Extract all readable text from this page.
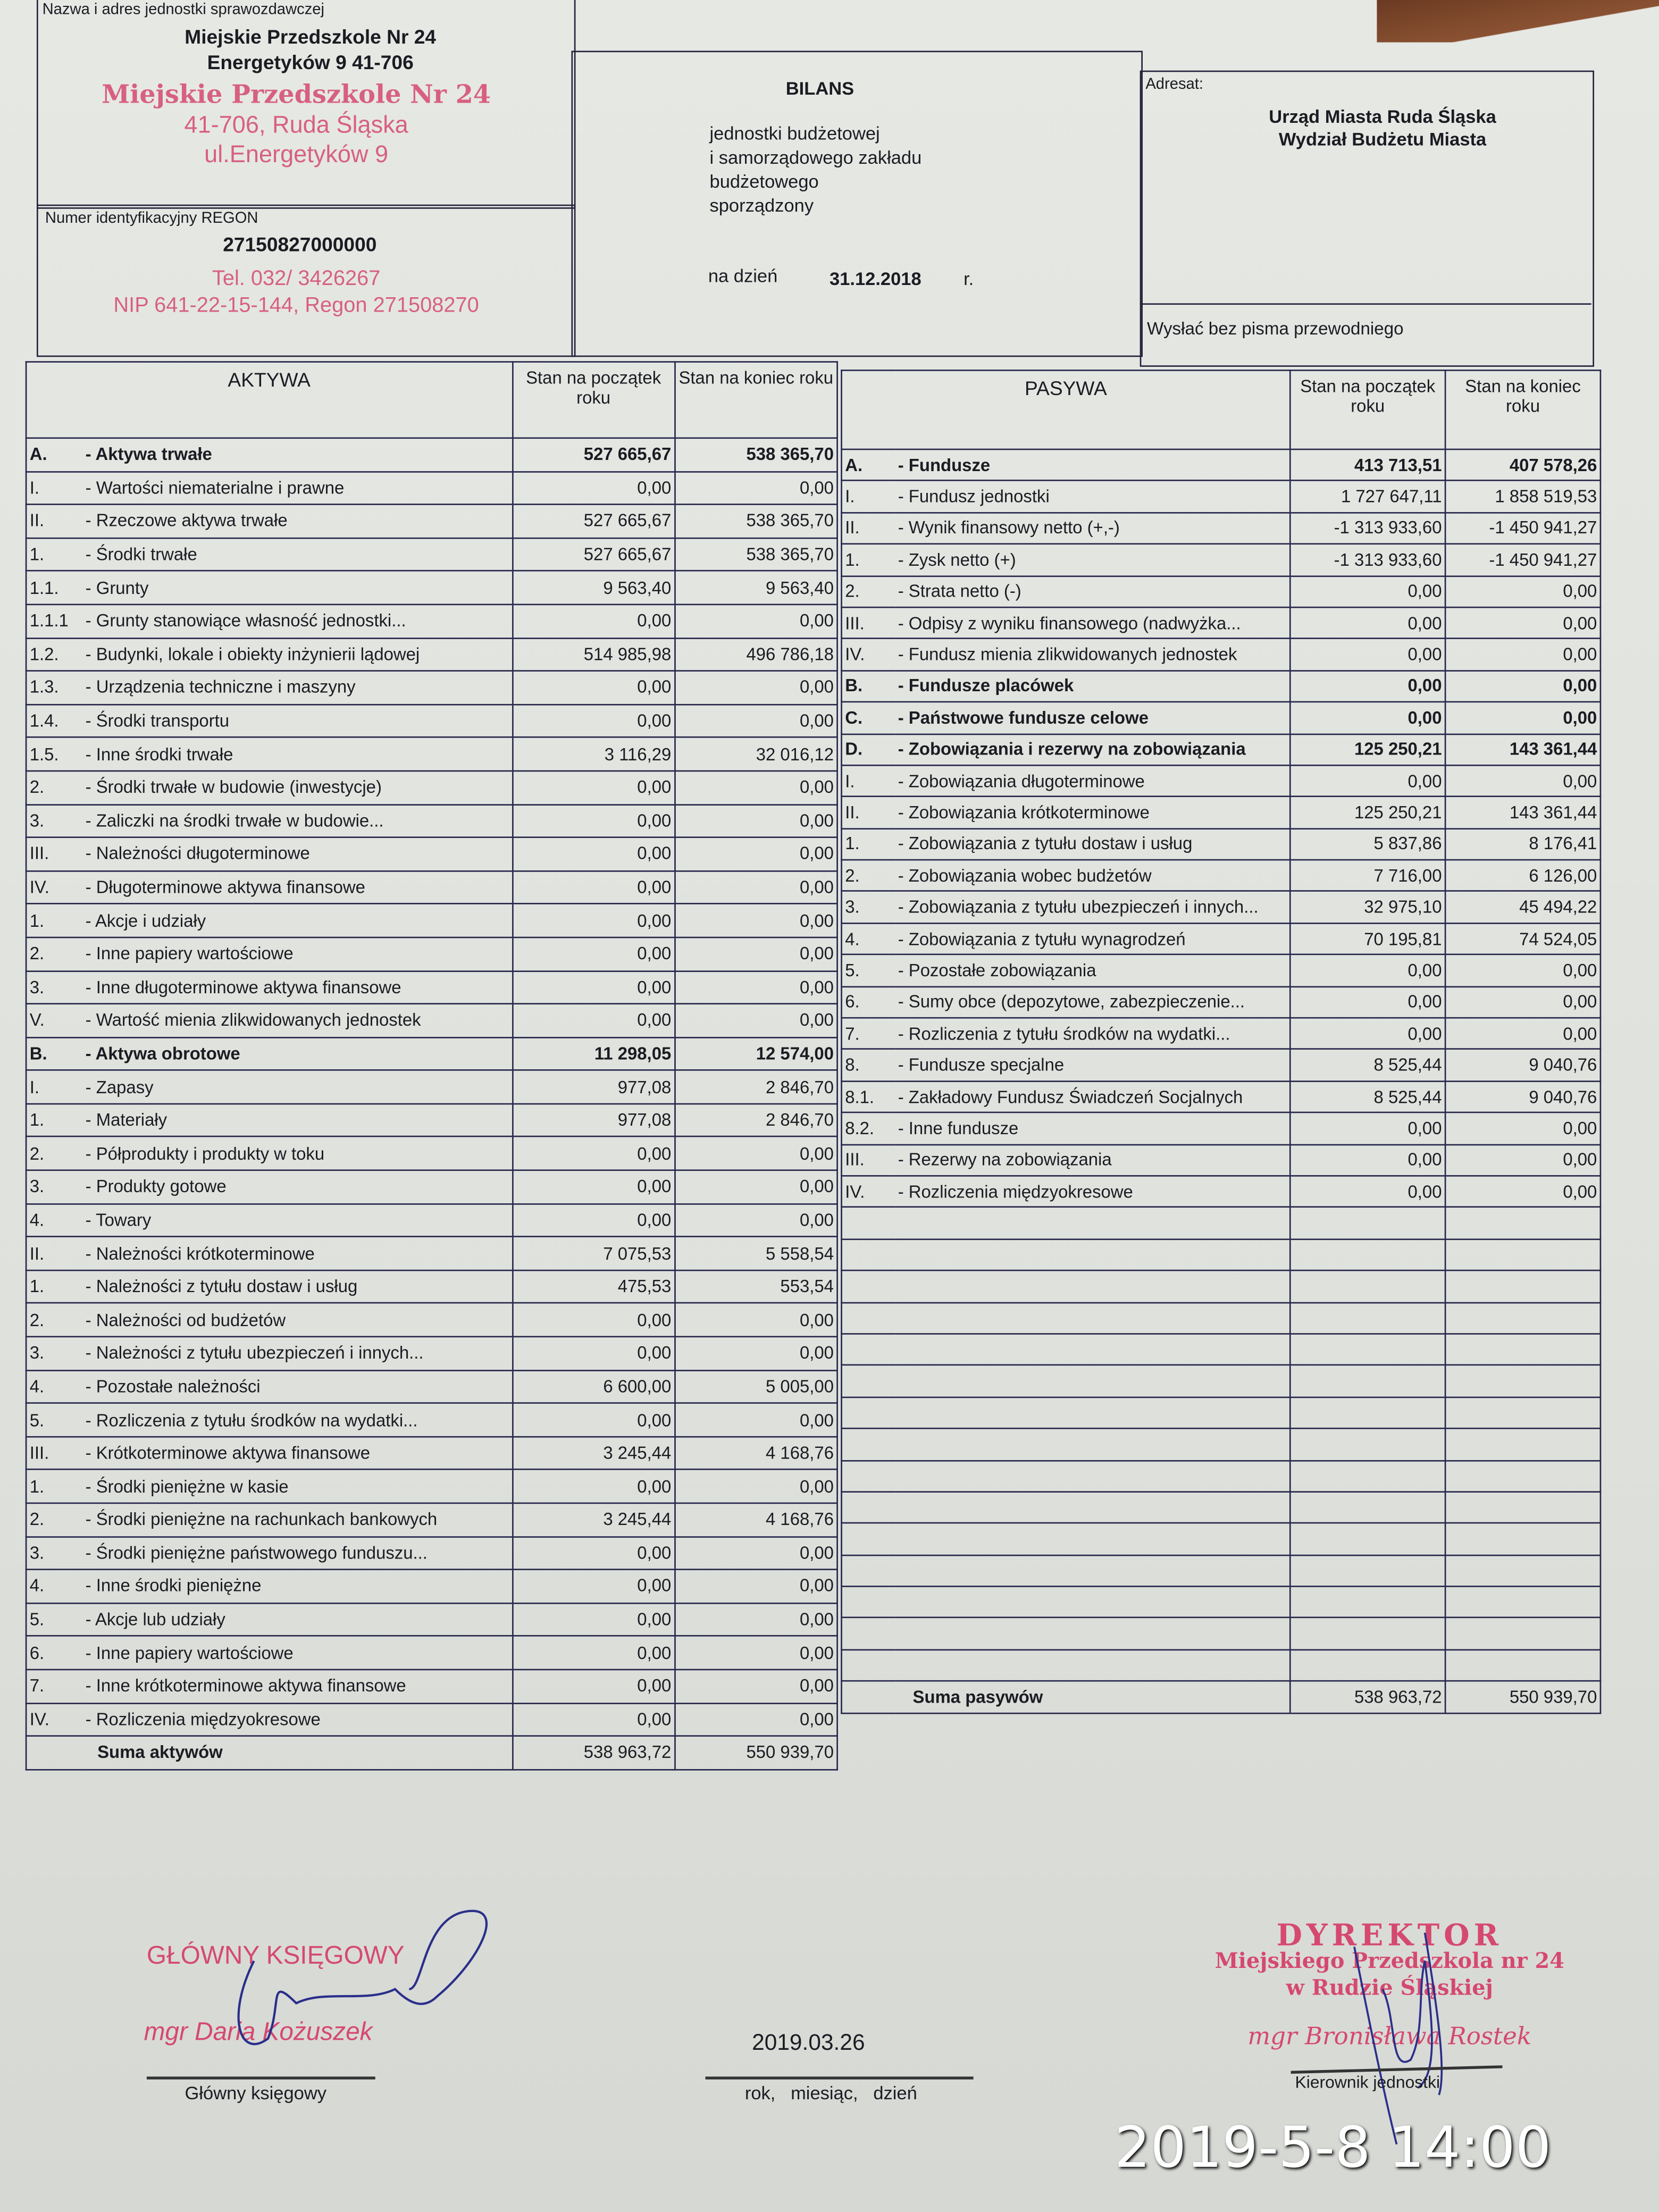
Nazwa i adres jednostki sprawozdawczej
Miejskie Przedszkole Nr 24
Energetyków 9 41-706
Miejskie Przedszkole Nr 24
41-706, Ruda Śląska
ul.Energetyków 9
Numer identyfikacyjny REGON
27150827000000
Tel. 032/ 3426267
NIP 641-22-15-144, Regon 271508270
BILANS
jednostki budżetowej
i samorządowego zakładu
budżetowego
sporządzony
na dzień	31.12.2018	r.
Adresat:
Urząd Miasta Ruda Śląska
Wydział Budżetu Miasta
Wysłać bez pisma przewodniego
AKTYWA		Stan na początek roku	Stan na koniec roku
A.	- Aktywa trwałe	527 665,67	538 365,70
I.	- Wartości niematerialne i prawne	0,00	0,00
II.	- Rzeczowe aktywa trwałe	527 665,67	538 365,70
1.	- Środki trwałe	527 665,67	538 365,70
1.1.	- Grunty	9 563,40	9 563,40
1.1.1	- Grunty stanowiące własność jednostki...	0,00	0,00
1.2.	- Budynki, lokale i obiekty inżynierii lądowej	514 985,98	496 786,18
1.3.	- Urządzenia techniczne i maszyny	0,00	0,00
1.4.	- Środki transportu	0,00	0,00
1.5.	- Inne środki trwałe	3 116,29	32 016,12
2.	- Środki trwałe w budowie (inwestycje)	0,00	0,00
3.	- Zaliczki na środki trwałe w budowie...	0,00	0,00
III.	- Należności długoterminowe	0,00	0,00
IV.	- Długoterminowe aktywa finansowe	0,00	0,00
1.	- Akcje i udziały	0,00	0,00
2.	- Inne papiery wartościowe	0,00	0,00
3.	- Inne długoterminowe aktywa finansowe	0,00	0,00
V.	- Wartość mienia zlikwidowanych jednostek	0,00	0,00
B.	- Aktywa obrotowe	11 298,05	12 574,00
I.	- Zapasy	977,08	2 846,70
1.	- Materiały	977,08	2 846,70
2.	- Półprodukty i produkty w toku	0,00	0,00
3.	- Produkty gotowe	0,00	0,00
4.	- Towary	0,00	0,00
II.	- Należności krótkoterminowe	7 075,53	5 558,54
1.	- Należności z tytułu dostaw i usług	475,53	553,54
2.	- Należności od budżetów	0,00	0,00
3.	- Należności z tytułu ubezpieczeń i innych...	0,00	0,00
4.	- Pozostałe należności	6 600,00	5 005,00
5.	- Rozliczenia z tytułu środków na wydatki...	0,00	0,00
III.	- Krótkoterminowe aktywa finansowe	3 245,44	4 168,76
1.	- Środki pieniężne w kasie	0,00	0,00
2.	- Środki pieniężne na rachunkach bankowych	3 245,44	4 168,76
3.	- Środki pieniężne państwowego funduszu...	0,00	0,00
4.	- Inne środki pieniężne	0,00	0,00
5.	- Akcje lub udziały	0,00	0,00
6.	- Inne papiery wartościowe	0,00	0,00
7.	- Inne krótkoterminowe aktywa finansowe	0,00	0,00
IV.	- Rozliczenia międzyokresowe	0,00	0,00
Suma aktywów		538 963,72	550 939,70
PASYWA		Stan na początek roku	Stan na koniec roku
A.	- Fundusze	413 713,51	407 578,26
I.	- Fundusz jednostki	1 727 647,11	1 858 519,53
II.	- Wynik finansowy netto (+,-)	-1 313 933,60	-1 450 941,27
1.	- Zysk netto (+)	-1 313 933,60	-1 450 941,27
2.	- Strata netto (-)	0,00	0,00
III.	- Odpisy z wyniku finansowego (nadwyżka...	0,00	0,00
IV.	- Fundusz mienia zlikwidowanych jednostek	0,00	0,00
B.	- Fundusze placówek	0,00	0,00
C.	- Państwowe fundusze celowe	0,00	0,00
D.	- Zobowiązania i rezerwy na zobowiązania	125 250,21	143 361,44
I.	- Zobowiązania długoterminowe	0,00	0,00
II.	- Zobowiązania krótkoterminowe	125 250,21	143 361,44
1.	- Zobowiązania z tytułu dostaw i usług	5 837,86	8 176,41
2.	- Zobowiązania wobec budżetów	7 716,00	6 126,00
3.	- Zobowiązania z tytułu ubezpieczeń i innych...	32 975,10	45 494,22
4.	- Zobowiązania z tytułu wynagrodzeń	70 195,81	74 524,05
5.	- Pozostałe zobowiązania	0,00	0,00
6.	- Sumy obce (depozytowe, zabezpieczenie...	0,00	0,00
7.	- Rozliczenia z tytułu środków na wydatki...	0,00	0,00
8.	- Fundusze specjalne	8 525,44	9 040,76
8.1.	- Zakładowy Fundusz Świadczeń Socjalnych	8 525,44	9 040,76
8.2.	- Inne fundusze	0,00	0,00
III.	- Rezerwy na zobowiązania	0,00	0,00
IV.	- Rozliczenia międzyokresowe	0,00	0,00

Suma pasywów		538 963,72	550 939,70
GŁÓWNY KSIĘGOWY
mgr Daria Kożuszek
Główny księgowy
2019.03.26
rok,   miesiąc,   dzień
DYREKTOR
Miejskiego Przedszkola nr 24
w Rudzie Śląskiej
mgr Bronisława Rostek
Kierownik jednostki
2019-5-8 14:00
